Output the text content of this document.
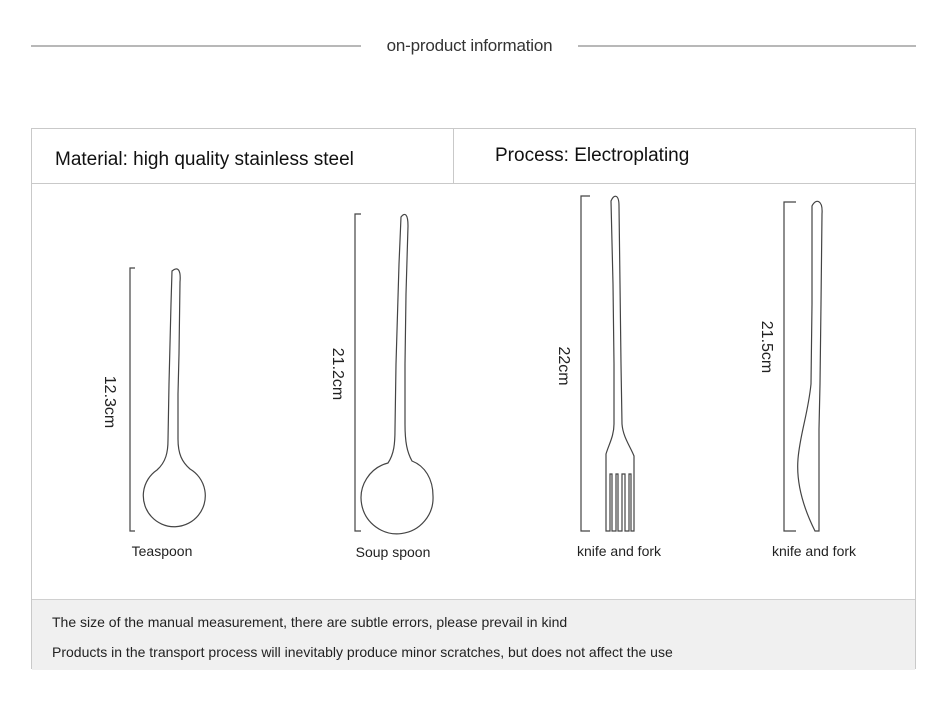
on-product information
Material: high quality stainless steel	Process: Electroplating
12.3cm
21.2cm	22cm	21.5cm
Teaspoon	Soup spoon	knife and fork	knife and fork
The size of the manual measurement, there are subtle errors, please prevail in kind
Products in the transport process will inevitably produce minor scratches, but does not affect the use
